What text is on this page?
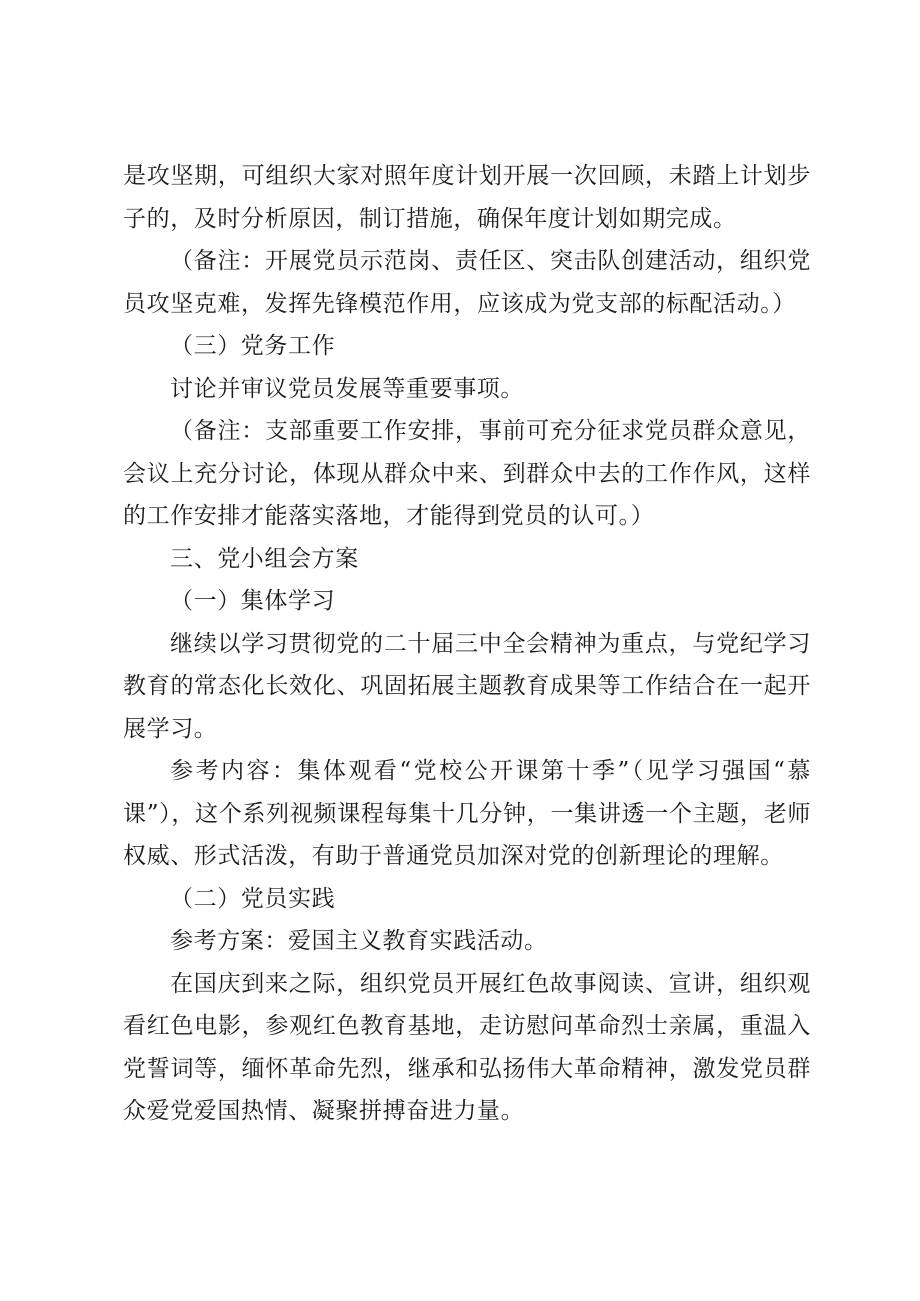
是攻坚期，可组织大家对照年度计划开展一次回顾，未踏上计划步子的，及时分析原因，制订措施，确保年度计划如期完成。

（备注：开展党员示范岗、责任区、突击队创建活动，组织党员攻坚克难，发挥先锋模范作用，应该成为党支部的标配活动。）

（三）党务工作

讨论并审议党员发展等重要事项。

（备注：支部重要工作安排，事前可充分征求党员群众意见，会议上充分讨论，体现从群众中来、到群众中去的工作作风，这样的工作安排才能落实落地，才能得到党员的认可。）

三、党小组会方案

（一）集体学习

继续以学习贯彻党的二十届三中全会精神为重点，与党纪学习教育的常态化长效化、巩固拓展主题教育成果等工作结合在一起开展学习。

参考内容：集体观看“党校公开课第十季”（见学习强国“慕课”），这个系列视频课程每集十几分钟，一集讲透一个主题，老师权威、形式活泼，有助于普通党员加深对党的创新理论的理解。

（二）党员实践

参考方案：爱国主义教育实践活动。

在国庆到来之际，组织党员开展红色故事阅读、宣讲，组织观看红色电影，参观红色教育基地，走访慰问革命烈士亲属，重温入党誓词等，缅怀革命先烈，继承和弘扬伟大革命精神，激发党员群众爱党爱国热情、凝聚拼搏奋进力量。
